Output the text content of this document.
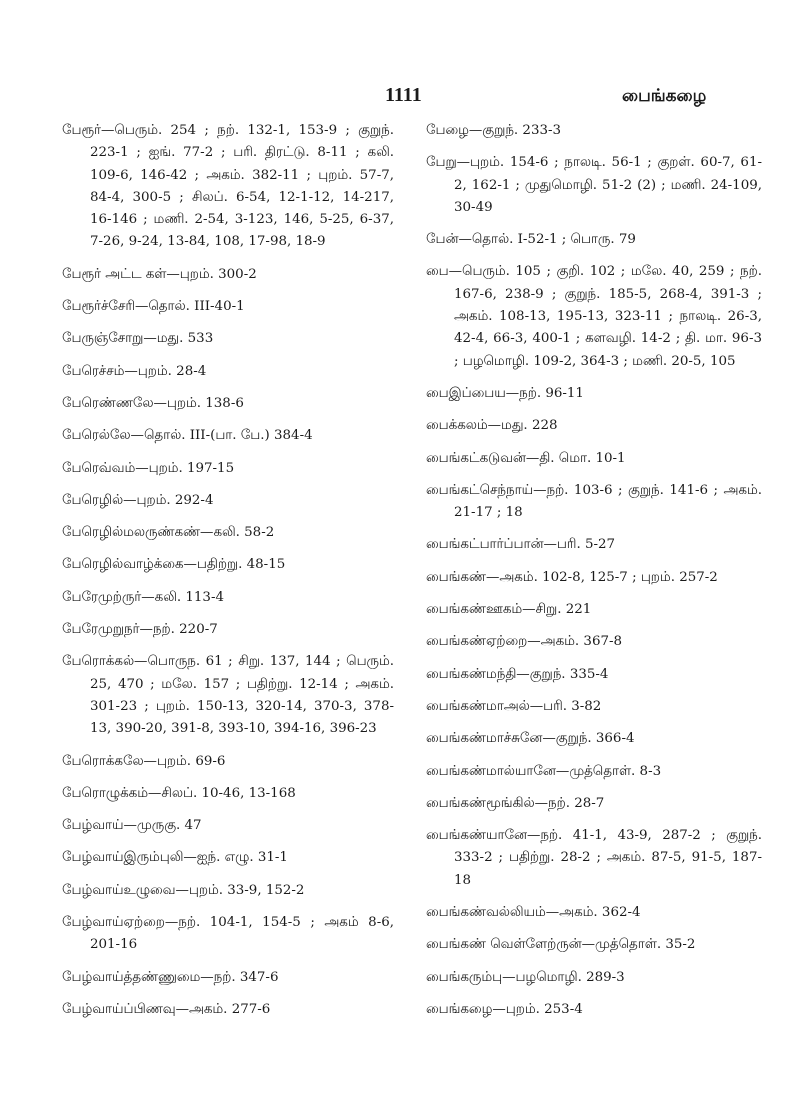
1111	பைங்கழை

பேரூர்—பெரும். 254 ; நற். 132-1, 153-9 ; குறுந். 223-1 ; ஐங். 77-2 ; பரி. திரட்டு. 8-11 ; கலி. 109-6, 146-42 ; அகம். 382-11 ; புறம். 57-7, 84-4, 300-5 ; சிலப். 6-54, 12-1-12, 14-217, 16-146 ; மணி. 2-54, 3-123, 146, 5-25, 6-37, 7-26, 9-24, 13-84, 108, 17-98, 18-9

பேரூர் அட்ட கள்—புறம். 300-2

பேரூர்ச்சேரி—தொல். III-40-1

பேருஞ்சோறு—மது. 533

பேரெச்சம்—புறம். 28-4

பேரெண்ணலே—புறம். 138-6

பேரெல்லே—தொல். III-(பா. பே.) 384-4

பேரெவ்வம்—புறம். 197-15

பேரெழில்—புறம். 292-4

பேரெழில்மலருண்கண்—கலி. 58-2

பேரெழில்வாழ்க்கை—பதிற்று. 48-15

பேரேமுற்ருர்—கலி. 113-4

பேரேமுறுநர்—நற். 220-7

பேரொக்கல்—பொருந. 61 ; சிறு. 137, 144 ; பெரும். 25, 470 ; மலே. 157 ; பதிற்று. 12-14 ; அகம். 301-23 ; புறம். 150-13, 320-14, 370-3, 378-13, 390-20, 391-8, 393-10, 394-16, 396-23

பேரொக்கலே—புறம். 69-6

பேரொழுக்கம்—சிலப். 10-46, 13-168

பேழ்வாய்—முருகு. 47

பேழ்வாய்இரும்புலி—ஐந். எழு. 31-1

பேழ்வாய்உழுவை—புறம். 33-9, 152-2

பேழ்வாய்ஏற்றை—நற். 104-1, 154-5 ; அகம் 8-6, 201-16

பேழ்வாய்த்தண்ணுமை—நற். 347-6

பேழ்வாய்ப்பிணவு—அகம். 277-6

பேழை—குறுந். 233-3

பேறு—புறம். 154-6 ; நாலடி. 56-1 ; குறள். 60-7, 61-2, 162-1 ; முதுமொழி. 51-2 (2) ; மணி. 24-109, 30-49

பேன்—தொல். I-52-1 ; பொரு. 79

பை—பெரும். 105 ; குறி. 102 ; மலே. 40, 259 ; நற். 167-6, 238-9 ; குறுந். 185-5, 268-4, 391-3 ; அகம். 108-13, 195-13, 323-11 ; நாலடி. 26-3, 42-4, 66-3, 400-1 ; களவழி. 14-2 ; தி. மா. 96-3 ; பழமொழி. 109-2, 364-3 ; மணி. 20-5, 105

பைஇப்பைய—நற். 96-11

பைக்கலம்—மது. 228

பைங்கட்கடுவன்—தி. மொ. 10-1

பைங்கட்செந்நாய்—நற். 103-6 ; குறுந். 141-6 ; அகம். 21-17 ; 18

பைங்கட்பார்ப்பான்—பரி. 5-27

பைங்கண்—அகம். 102-8, 125-7 ; புறம். 257-2

பைங்கண்ஊகம்—சிறு. 221

பைங்கண்ஏற்றை—அகம். 367-8

பைங்கண்மந்தி—குறுந். 335-4

பைங்கண்மாஅல்—பரி. 3-82

பைங்கண்மாச்சுனே—குறுந். 366-4

பைங்கண்மால்யானே—முத்தொள். 8-3

பைங்கண்மூங்கில்—நற். 28-7

பைங்கண்யானே—நற். 41-1, 43-9, 287-2 ; குறுந். 333-2 ; பதிற்று. 28-2 ; அகம். 87-5, 91-5, 187-18

பைங்கண்வல்லியம்—அகம். 362-4

பைங்கண் வெள்ளேற்ருன்—முத்தொள். 35-2

பைங்கரும்பு—பழமொழி. 289-3

பைங்கழை—புறம். 253-4
